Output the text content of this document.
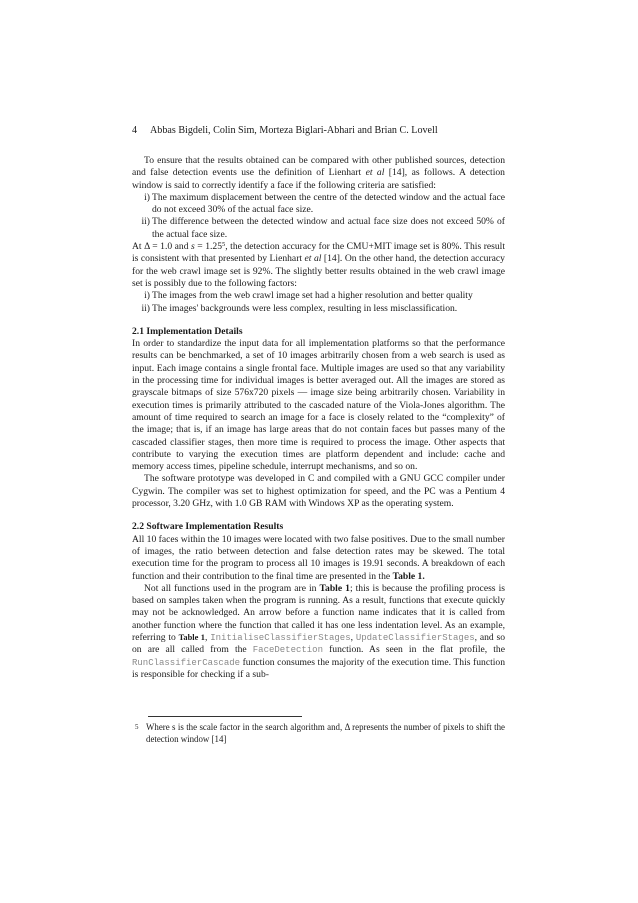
4 Abbas Bigdeli, Colin Sim, Morteza Biglari-Abhari and Brian C. Lovell

To ensure that the results obtained can be compared with other published sources, detection and false detection events use the definition of Lienhart et al [14], as follows. A detection window is said to correctly identify a face if the following criteria are satisfied:

i) The maximum displacement between the centre of the detected window and the actual face do not exceed 30% of the actual face size.
ii) The difference between the detected window and actual face size does not exceed 50% of the actual face size.

At Δ = 1.0 and $s = 1.25^5$, the detection accuracy for the CMU+MIT image set is 80%. This result is consistent with that presented by Lienhart et al [14]. On the other hand, the detection accuracy for the web crawl image set is 92%. The slightly better results obtained in the web crawl image set is possibly due to the following factors:

i) The images from the web crawl image set had a higher resolution and better quality
ii) The images' backgrounds were less complex, resulting in less misclassification.
2.1 Implementation Details

In order to standardize the input data for all implementation platforms so that the performance results can be benchmarked, a set of 10 images arbitrarily chosen from a web search is used as input. Each image contains a single frontal face. Multiple images are used so that any variability in the processing time for individual images is better averaged out. All the images are stored as grayscale bitmaps of size 576x720 pixels — image size being arbitrarily chosen. Variability in execution times is primarily attributed to the cascaded nature of the Viola-Jones algorithm. The amount of time required to search an image for a face is closely related to the “complexity” of the image; that is, if an image has large areas that do not contain faces but passes many of the cascaded classifier stages, then more time is required to process the image. Other aspects that contribute to varying the execution times are platform dependent and include: cache and memory access times, pipeline schedule, interrupt mechanisms, and so on.

The software prototype was developed in C and compiled with a GNU GCC compiler under Cygwin. The compiler was set to highest optimization for speed, and the PC was a Pentium 4 processor, 3.20 GHz, with 1.0 GB RAM with Windows XP as the operating system.

2.2 Software Implementation Results

All 10 faces within the 10 images were located with two false positives. Due to the small number of images, the ratio between detection and false detection rates may be skewed. The total execution time for the program to process all 10 images is 19.91 seconds. A breakdown of each function and their contribution to the final time are presented in the Table 1.

Not all functions used in the program are in Table 1; this is because the profiling process is based on samples taken when the program is running. As a result, functions that execute quickly may not be acknowledged. An arrow before a function name indicates that it is called from another function where the function that called it has one less indentation level. As an example, referring to Table 1, InitialiseClassifierStages, UpdateClassifierStages, and so on are all called from the FaceDetection function. As seen in the flat profile, the RunClassifierCascade function consumes the majority of the execution time. This function is responsible for checking if a sub-

5 Where s is the scale factor in the search algorithm and, Δ represents the number of pixels to shift the detection window [14]
